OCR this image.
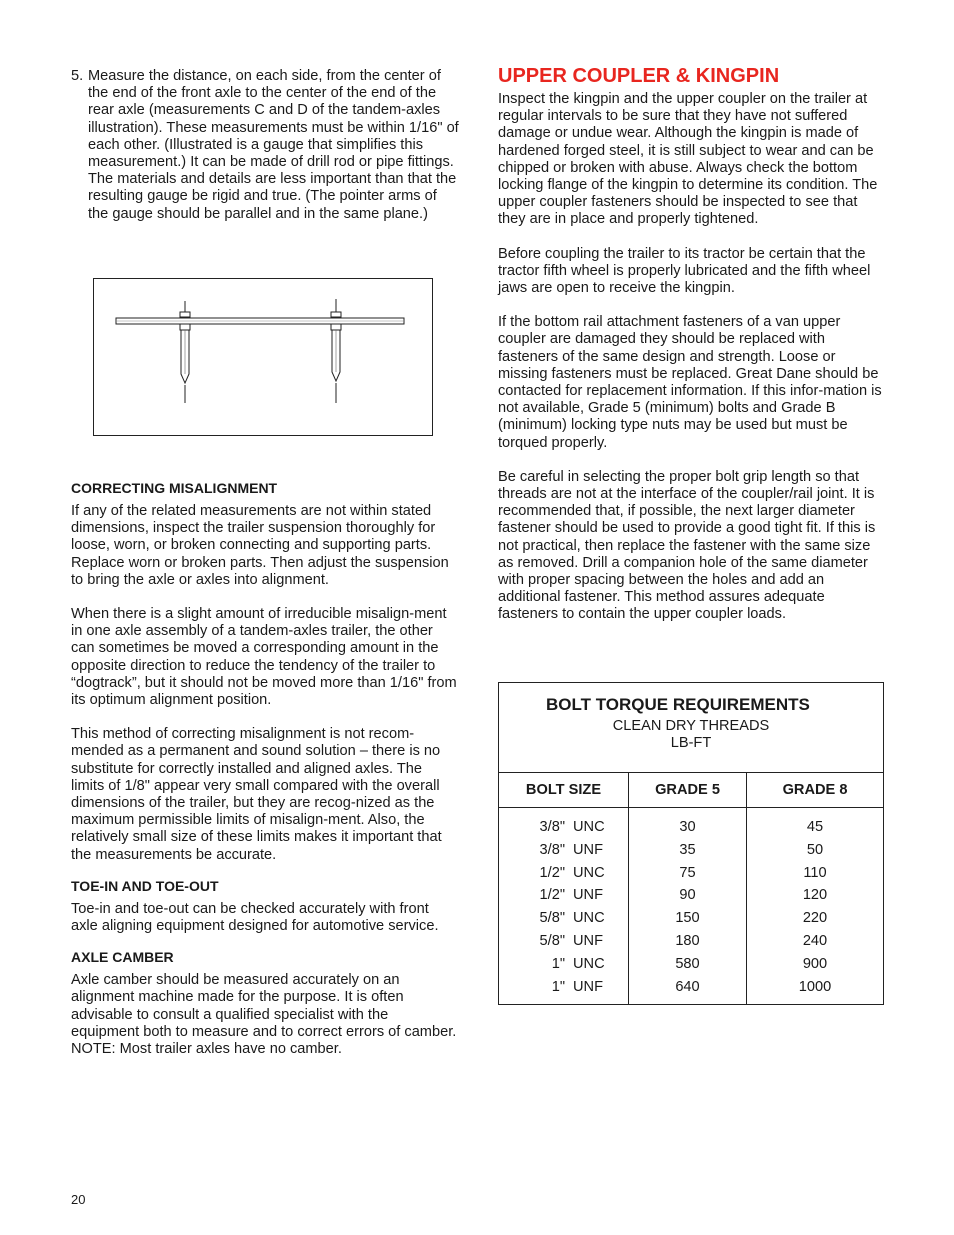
5. Measure the distance, on each side, from the center of the end of the front axle to the center of the end of the rear axle (measurements C and D of the tandem-axles illustration). These measurements must be within 1/16" of each other. (Illustrated is a gauge that simplifies this measurement.) It can be made of drill rod or pipe fittings. The materials and details are less important than that the resulting gauge be rigid and true. (The pointer arms of the gauge should be parallel and in the same plane.)

CORRECTING MISALIGNMENT

If any of the related measurements are not within stated dimensions, inspect the trailer suspension thoroughly for loose, worn, or broken connecting and supporting parts. Replace worn or broken parts. Then adjust the suspension to bring the axle or axles into alignment.

When there is a slight amount of irreducible misalign-ment in one axle assembly of a tandem-axles trailer, the other can sometimes be moved a corresponding amount in the opposite direction to reduce the tendency of the trailer to “dogtrack”, but it should not be moved more than 1/16" from its optimum alignment position.

This method of correcting misalignment is not recom-mended as a permanent and sound solution – there is no substitute for correctly installed and aligned axles. The limits of 1/8" appear very small compared with the overall dimensions of the trailer, but they are recog-nized as the maximum permissible limits of misalign-ment. Also, the relatively small size of these limits makes it important that the measurements be accurate.

TOE-IN AND TOE-OUT

Toe-in and toe-out can be checked accurately with front axle aligning equipment designed for automotive service.

AXLE CAMBER

Axle camber should be measured accurately on an alignment machine made for the purpose. It is often advisable to consult a qualified specialist with the equipment both to measure and to correct errors of camber. NOTE: Most trailer axles have no camber.

UPPER COUPLER & KINGPIN

Inspect the kingpin and the upper coupler on the trailer at regular intervals to be sure that they have not suffered damage or undue wear. Although the kingpin is made of hardened forged steel, it is still subject to wear and can be chipped or broken with abuse. Always check the bottom locking flange of the kingpin to determine its condition. The upper coupler fasteners should be inspected to see that they are in place and properly tightened.

Before coupling the trailer to its tractor be certain that the tractor fifth wheel is properly lubricated and the fifth wheel jaws are open to receive the kingpin.

If the bottom rail attachment fasteners of a van upper coupler are damaged they should be replaced with fasteners of the same design and strength. Loose or missing fasteners must be replaced. Great Dane should be contacted for replacement information. If this infor-mation is not available, Grade 5 (minimum) bolts and Grade B (minimum) locking type nuts may be used but must be torqued properly.

Be careful in selecting the proper bolt grip length so that threads are not at the interface of the coupler/rail joint. It is recommended that, if possible, the next larger diameter fastener should be used to provide a good tight fit. If this is not practical, then replace the fastener with the same size as removed. Drill a companion hole of the same diameter with proper spacing between the holes and add an additional fastener. This method assures adequate fasteners to contain the upper coupler loads.

BOLT TORQUE REQUIREMENTS
CLEAN DRY THREADS
LB-FT
BOLT SIZE	GRADE 5	GRADE 8
3/8" UNC
3/8" UNF
1/2" UNC
1/2" UNF
5/8" UNC
5/8" UNF
1" UNC
1" UNF
30
35
75
90
150
180
580
640
45
50
110
120
220
240
900
1000
20
